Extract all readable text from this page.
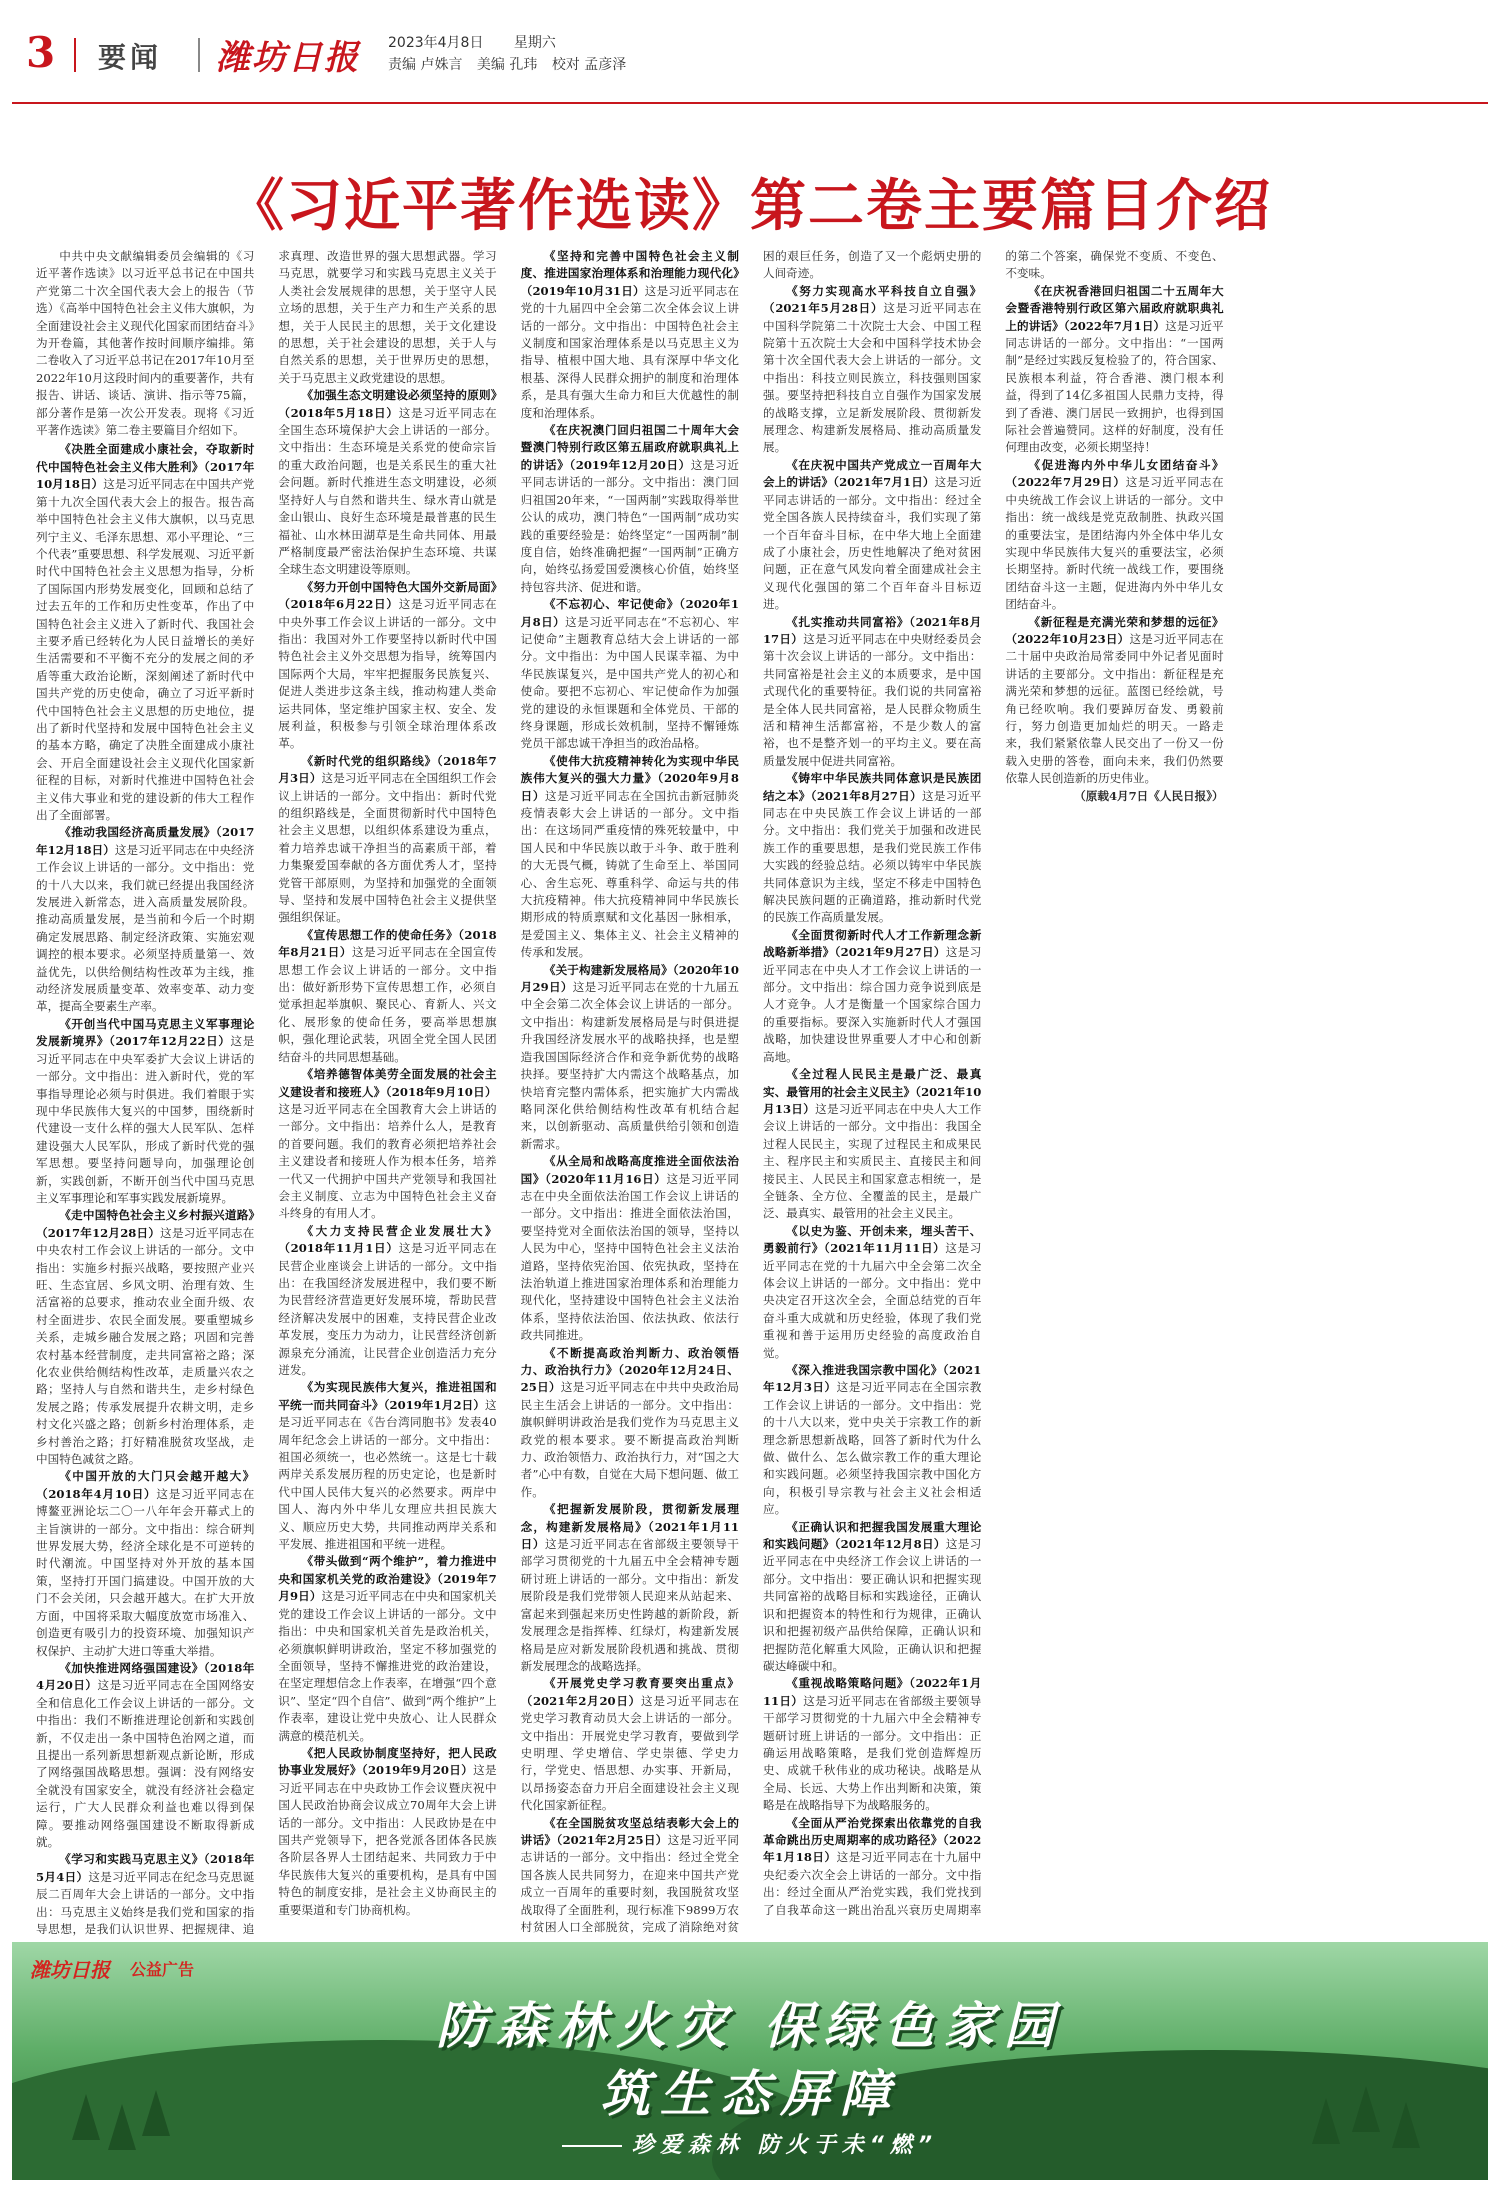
3 要闻 潍坊日报 2023年4月8日 星期六
责编 卢姝言 美编 孔玮 校对 孟彦泽
《习近平著作选读》第二卷主要篇目介绍

中共中央文献编辑委员会编辑的《习近平著作选读》以习近平总书记在中国共产党第二十次全国代表大会上的报告（节选）《高举中国特色社会主义伟大旗帜，为全面建设社会主义现代化国家而团结奋斗》为开卷篇，其他著作按时间顺序编排。第二卷收入了习近平总书记在2017年10月至2022年10月这段时间内的重要著作，共有报告、讲话、谈话、演讲、指示等75篇，部分著作是第一次公开发表。现将《习近平著作选读》第二卷主要篇目介绍如下。

《决胜全面建成小康社会，夺取新时代中国特色社会主义伟大胜利》（2017年10月18日）这是习近平同志在中国共产党第十九次全国代表大会上的报告。报告高举中国特色社会主义伟大旗帜，以马克思列宁主义、毛泽东思想、邓小平理论、“三个代表”重要思想、科学发展观、习近平新时代中国特色社会主义思想为指导，分析了国际国内形势发展变化，回顾和总结了过去五年的工作和历史性变革，作出了中国特色社会主义进入了新时代、我国社会主要矛盾已经转化为人民日益增长的美好生活需要和不平衡不充分的发展之间的矛盾等重大政治论断，深刻阐述了新时代中国共产党的历史使命，确立了习近平新时代中国特色社会主义思想的历史地位，提出了新时代坚持和发展中国特色社会主义的基本方略，确定了决胜全面建成小康社会、开启全面建设社会主义现代化国家新征程的目标，对新时代推进中国特色社会主义伟大事业和党的建设新的伟大工程作出了全面部署。

《推动我国经济高质量发展》（2017年12月18日）这是习近平同志在中央经济工作会议上讲话的一部分。文中指出：党的十八大以来，我们就已经提出我国经济发展进入新常态，进入高质量发展阶段。推动高质量发展，是当前和今后一个时期确定发展思路、制定经济政策、实施宏观调控的根本要求。必须坚持质量第一、效益优先，以供给侧结构性改革为主线，推动经济发展质量变革、效率变革、动力变革，提高全要素生产率。

《开创当代中国马克思主义军事理论发展新境界》（2017年12月22日）这是习近平同志在中央军委扩大会议上讲话的一部分。文中指出：进入新时代，党的军事指导理论必须与时俱进。我们着眼于实现中华民族伟大复兴的中国梦，围绕新时代建设一支什么样的强大人民军队、怎样建设强大人民军队，形成了新时代党的强军思想。要坚持问题导向，加强理论创新，实践创新，不断开创当代中国马克思主义军事理论和军事实践发展新境界。

《走中国特色社会主义乡村振兴道路》（2017年12月28日）这是习近平同志在中央农村工作会议上讲话的一部分。文中指出：实施乡村振兴战略，要按照产业兴旺、生态宜居、乡风文明、治理有效、生活富裕的总要求，推动农业全面升级、农村全面进步、农民全面发展。要重塑城乡关系，走城乡融合发展之路；巩固和完善农村基本经营制度，走共同富裕之路；深化农业供给侧结构性改革，走质量兴农之路；坚持人与自然和谐共生，走乡村绿色发展之路；传承发展提升农耕文明，走乡村文化兴盛之路；创新乡村治理体系，走乡村善治之路；打好精准脱贫攻坚战，走中国特色减贫之路。

《中国开放的大门只会越开越大》（2018年4月10日）这是习近平同志在博鳌亚洲论坛二〇一八年年会开幕式上的主旨演讲的一部分。文中指出：综合研判世界发展大势，经济全球化是不可逆转的时代潮流。中国坚持对外开放的基本国策，坚持打开国门搞建设。中国开放的大门不会关闭，只会越开越大。在扩大开放方面，中国将采取大幅度放宽市场准入、创造更有吸引力的投资环境、加强知识产权保护、主动扩大进口等重大举措。

《加快推进网络强国建设》（2018年4月20日）这是习近平同志在全国网络安全和信息化工作会议上讲话的一部分。文中指出：我们不断推进理论创新和实践创新，不仅走出一条中国特色治网之道，而且提出一系列新思想新观点新论断，形成了网络强国战略思想。强调：没有网络安全就没有国家安全，就没有经济社会稳定运行，广大人民群众利益也难以得到保障。要推动网络强国建设不断取得新成就。

《学习和实践马克思主义》（2018年5月4日）这是习近平同志在纪念马克思诞辰二百周年大会上讲话的一部分。文中指出：马克思主义始终是我们党和国家的指导思想，是我们认识世界、把握规律、追求真理、改造世界的强大思想武器。学习马克思，就要学习和实践马克思主义关于人类社会发展规律的思想，关于坚守人民立场的思想，关于生产力和生产关系的思想，关于人民民主的思想，关于文化建设的思想，关于社会建设的思想，关于人与自然关系的思想，关于世界历史的思想，关于马克思主义政党建设的思想。

《加强生态文明建设必须坚持的原则》（2018年5月18日）这是习近平同志在全国生态环境保护大会上讲话的一部分。文中指出：生态环境是关系党的使命宗旨的重大政治问题，也是关系民生的重大社会问题。新时代推进生态文明建设，必须坚持好人与自然和谐共生、绿水青山就是金山银山、良好生态环境是最普惠的民生福祉、山水林田湖草是生命共同体、用最严格制度最严密法治保护生态环境、共谋全球生态文明建设等原则。

《努力开创中国特色大国外交新局面》（2018年6月22日）这是习近平同志在中央外事工作会议上讲话的一部分。文中指出：我国对外工作要坚持以新时代中国特色社会主义外交思想为指导，统筹国内国际两个大局，牢牢把握服务民族复兴、促进人类进步这条主线，推动构建人类命运共同体，坚定维护国家主权、安全、发展利益，积极参与引领全球治理体系改革。

《新时代党的组织路线》（2018年7月3日）这是习近平同志在全国组织工作会议上讲话的一部分。文中指出：新时代党的组织路线是，全面贯彻新时代中国特色社会主义思想，以组织体系建设为重点，着力培养忠诚干净担当的高素质干部，着力集聚爱国奉献的各方面优秀人才，坚持党管干部原则，为坚持和加强党的全面领导、坚持和发展中国特色社会主义提供坚强组织保证。

《宣传思想工作的使命任务》（2018年8月21日）这是习近平同志在全国宣传思想工作会议上讲话的一部分。文中指出：做好新形势下宣传思想工作，必须自觉承担起举旗帜、聚民心、育新人、兴文化、展形象的使命任务，要高举思想旗帜，强化理论武装，巩固全党全国人民团结奋斗的共同思想基础。

《培养德智体美劳全面发展的社会主义建设者和接班人》（2018年9月10日）这是习近平同志在全国教育大会上讲话的一部分。文中指出：培养什么人，是教育的首要问题。我们的教育必须把培养社会主义建设者和接班人作为根本任务，培养一代又一代拥护中国共产党领导和我国社会主义制度、立志为中国特色社会主义奋斗终身的有用人才。

《大力支持民营企业发展壮大》（2018年11月1日）这是习近平同志在民营企业座谈会上讲话的一部分。文中指出：在我国经济发展进程中，我们要不断为民营经济营造更好发展环境，帮助民营经济解决发展中的困难，支持民营企业改革发展，变压力为动力，让民营经济创新源泉充分涌流，让民营企业创造活力充分迸发。

《为实现民族伟大复兴，推进祖国和平统一而共同奋斗》（2019年1月2日）这是习近平同志在《告台湾同胞书》发表40周年纪念会上讲话的一部分。文中指出：祖国必须统一，也必然统一。这是七十载两岸关系发展历程的历史定论，也是新时代中国人民伟大复兴的必然要求。两岸中国人、海内外中华儿女理应共担民族大义、顺应历史大势，共同推动两岸关系和平发展、推进祖国和平统一进程。

《带头做到“两个维护”，着力推进中央和国家机关党的政治建设》（2019年7月9日）这是习近平同志在中央和国家机关党的建设工作会议上讲话的一部分。文中指出：中央和国家机关首先是政治机关，必须旗帜鲜明讲政治，坚定不移加强党的全面领导，坚持不懈推进党的政治建设，在坚定理想信念上作表率，在增强“四个意识”、坚定“四个自信”、做到“两个维护”上作表率，建设让党中央放心、让人民群众满意的模范机关。

《把人民政协制度坚持好，把人民政协事业发展好》（2019年9月20日）这是习近平同志在中央政协工作会议暨庆祝中国人民政治协商会议成立70周年大会上讲话的一部分。文中指出：人民政协是在中国共产党领导下，把各党派各团体各民族各阶层各界人士团结起来、共同致力于中华民族伟大复兴的重要机构，是具有中国特色的制度安排，是社会主义协商民主的重要渠道和专门协商机构。

《坚持和完善中国特色社会主义制度、推进国家治理体系和治理能力现代化》（2019年10月31日）这是习近平同志在党的十九届四中全会第二次全体会议上讲话的一部分。文中指出：中国特色社会主义制度和国家治理体系是以马克思主义为指导、植根中国大地、具有深厚中华文化根基、深得人民群众拥护的制度和治理体系，是具有强大生命力和巨大优越性的制度和治理体系。

《在庆祝澳门回归祖国二十周年大会暨澳门特别行政区第五届政府就职典礼上的讲话》（2019年12月20日）这是习近平同志讲话的一部分。文中指出：澳门回归祖国20年来，“一国两制”实践取得举世公认的成功，澳门特色“一国两制”成功实践的重要经验是：始终坚定“一国两制”制度自信，始终准确把握“一国两制”正确方向，始终弘扬爱国爱澳核心价值，始终坚持包容共济、促进和谐。

《不忘初心、牢记使命》（2020年1月8日）这是习近平同志在“不忘初心、牢记使命”主题教育总结大会上讲话的一部分。文中指出：为中国人民谋幸福、为中华民族谋复兴，是中国共产党人的初心和使命。要把不忘初心、牢记使命作为加强党的建设的永恒课题和全体党员、干部的终身课题，形成长效机制，坚持不懈锤炼党员干部忠诚干净担当的政治品格。

《使伟大抗疫精神转化为实现中华民族伟大复兴的强大力量》（2020年9月8日）这是习近平同志在全国抗击新冠肺炎疫情表彰大会上讲话的一部分。文中指出：在这场同严重疫情的殊死较量中，中国人民和中华民族以敢于斗争、敢于胜利的大无畏气概，铸就了生命至上、举国同心、舍生忘死、尊重科学、命运与共的伟大抗疫精神。伟大抗疫精神同中华民族长期形成的特质禀赋和文化基因一脉相承，是爱国主义、集体主义、社会主义精神的传承和发展。

《关于构建新发展格局》（2020年10月29日）这是习近平同志在党的十九届五中全会第二次全体会议上讲话的一部分。文中指出：构建新发展格局是与时俱进提升我国经济发展水平的战略抉择，也是塑造我国国际经济合作和竞争新优势的战略抉择。要坚持扩大内需这个战略基点，加快培育完整内需体系，把实施扩大内需战略同深化供给侧结构性改革有机结合起来，以创新驱动、高质量供给引领和创造新需求。

《从全局和战略高度推进全面依法治国》（2020年11月16日）这是习近平同志在中央全面依法治国工作会议上讲话的一部分。文中指出：推进全面依法治国，要坚持党对全面依法治国的领导，坚持以人民为中心，坚持中国特色社会主义法治道路，坚持依宪治国、依宪执政，坚持在法治轨道上推进国家治理体系和治理能力现代化，坚持建设中国特色社会主义法治体系，坚持依法治国、依法执政、依法行政共同推进。

《不断提高政治判断力、政治领悟力、政治执行力》（2020年12月24日、25日）这是习近平同志在中共中央政治局民主生活会上讲话的一部分。文中指出：旗帜鲜明讲政治是我们党作为马克思主义政党的根本要求。要不断提高政治判断力、政治领悟力、政治执行力，对“国之大者”心中有数，自觉在大局下想问题、做工作。

《把握新发展阶段，贯彻新发展理念，构建新发展格局》（2021年1月11日）这是习近平同志在省部级主要领导干部学习贯彻党的十九届五中全会精神专题研讨班上讲话的一部分。文中指出：新发展阶段是我们党带领人民迎来从站起来、富起来到强起来历史性跨越的新阶段，新发展理念是指挥棒、红绿灯，构建新发展格局是应对新发展阶段机遇和挑战、贯彻新发展理念的战略选择。

《开展党史学习教育要突出重点》（2021年2月20日）这是习近平同志在党史学习教育动员大会上讲话的一部分。文中指出：开展党史学习教育，要做到学史明理、学史增信、学史崇德、学史力行，学党史、悟思想、办实事、开新局，以昂扬姿态奋力开启全面建设社会主义现代化国家新征程。

《在全国脱贫攻坚总结表彰大会上的讲话》（2021年2月25日）这是习近平同志讲话的一部分。文中指出：经过全党全国各族人民共同努力，在迎来中国共产党成立一百周年的重要时刻，我国脱贫攻坚战取得了全面胜利，现行标准下9899万农村贫困人口全部脱贫，完成了消除绝对贫困的艰巨任务，创造了又一个彪炳史册的人间奇迹。

《努力实现高水平科技自立自强》（2021年5月28日）这是习近平同志在中国科学院第二十次院士大会、中国工程院第十五次院士大会和中国科学技术协会第十次全国代表大会上讲话的一部分。文中指出：科技立则民族立，科技强则国家强。要坚持把科技自立自强作为国家发展的战略支撑，立足新发展阶段、贯彻新发展理念、构建新发展格局、推动高质量发展。

《在庆祝中国共产党成立一百周年大会上的讲话》（2021年7月1日）这是习近平同志讲话的一部分。文中指出：经过全党全国各族人民持续奋斗，我们实现了第一个百年奋斗目标，在中华大地上全面建成了小康社会，历史性地解决了绝对贫困问题，正在意气风发向着全面建成社会主义现代化强国的第二个百年奋斗目标迈进。

《扎实推动共同富裕》（2021年8月17日）这是习近平同志在中央财经委员会第十次会议上讲话的一部分。文中指出：共同富裕是社会主义的本质要求，是中国式现代化的重要特征。我们说的共同富裕是全体人民共同富裕，是人民群众物质生活和精神生活都富裕，不是少数人的富裕，也不是整齐划一的平均主义。要在高质量发展中促进共同富裕。

《铸牢中华民族共同体意识是民族团结之本》（2021年8月27日）这是习近平同志在中央民族工作会议上讲话的一部分。文中指出：我们党关于加强和改进民族工作的重要思想，是我们党民族工作伟大实践的经验总结。必须以铸牢中华民族共同体意识为主线，坚定不移走中国特色解决民族问题的正确道路，推动新时代党的民族工作高质量发展。

《全面贯彻新时代人才工作新理念新战略新举措》（2021年9月27日）这是习近平同志在中央人才工作会议上讲话的一部分。文中指出：综合国力竞争说到底是人才竞争。人才是衡量一个国家综合国力的重要指标。要深入实施新时代人才强国战略，加快建设世界重要人才中心和创新高地。

《全过程人民民主是最广泛、最真实、最管用的社会主义民主》（2021年10月13日）这是习近平同志在中央人大工作会议上讲话的一部分。文中指出：我国全过程人民民主，实现了过程民主和成果民主、程序民主和实质民主、直接民主和间接民主、人民民主和国家意志相统一，是全链条、全方位、全覆盖的民主，是最广泛、最真实、最管用的社会主义民主。

《以史为鉴、开创未来，埋头苦干、勇毅前行》（2021年11月11日）这是习近平同志在党的十九届六中全会第二次全体会议上讲话的一部分。文中指出：党中央决定召开这次全会，全面总结党的百年奋斗重大成就和历史经验，体现了我们党重视和善于运用历史经验的高度政治自觉。

《深入推进我国宗教中国化》（2021年12月3日）这是习近平同志在全国宗教工作会议上讲话的一部分。文中指出：党的十八大以来，党中央关于宗教工作的新理念新思想新战略，回答了新时代为什么做、做什么、怎么做宗教工作的重大理论和实践问题。必须坚持我国宗教中国化方向，积极引导宗教与社会主义社会相适应。

《正确认识和把握我国发展重大理论和实践问题》（2021年12月8日）这是习近平同志在中央经济工作会议上讲话的一部分。文中指出：要正确认识和把握实现共同富裕的战略目标和实践途径，正确认识和把握资本的特性和行为规律，正确认识和把握初级产品供给保障，正确认识和把握防范化解重大风险，正确认识和把握碳达峰碳中和。

《重视战略策略问题》（2022年1月11日）这是习近平同志在省部级主要领导干部学习贯彻党的十九届六中全会精神专题研讨班上讲话的一部分。文中指出：正确运用战略策略，是我们党创造辉煌历史、成就千秋伟业的成功秘诀。战略是从全局、长远、大势上作出判断和决策，策略是在战略指导下为战略服务的。

《全面从严治党探索出依靠党的自我革命跳出历史周期率的成功路径》（2022年1月18日）这是习近平同志在十九届中央纪委六次全会上讲话的一部分。文中指出：经过全面从严治党实践，我们党找到了自我革命这一跳出治乱兴衰历史周期率的第二个答案，确保党不变质、不变色、不变味。

《在庆祝香港回归祖国二十五周年大会暨香港特别行政区第六届政府就职典礼上的讲话》（2022年7月1日）这是习近平同志讲话的一部分。文中指出：“一国两制”是经过实践反复检验了的，符合国家、民族根本利益，符合香港、澳门根本利益，得到了14亿多祖国人民鼎力支持，得到了香港、澳门居民一致拥护，也得到国际社会普遍赞同。这样的好制度，没有任何理由改变，必须长期坚持！

《促进海内外中华儿女团结奋斗》（2022年7月29日）这是习近平同志在中央统战工作会议上讲话的一部分。文中指出：统一战线是党克敌制胜、执政兴国的重要法宝，是团结海内外全体中华儿女实现中华民族伟大复兴的重要法宝，必须长期坚持。新时代统一战线工作，要围绕团结奋斗这一主题，促进海内外中华儿女团结奋斗。

《新征程是充满光荣和梦想的远征》（2022年10月23日）这是习近平同志在二十届中央政治局常委同中外记者见面时讲话的主要部分。文中指出：新征程是充满光荣和梦想的远征。蓝图已经绘就，号角已经吹响。我们要踔厉奋发、勇毅前行，努力创造更加灿烂的明天。一路走来，我们紧紧依靠人民交出了一份又一份载入史册的答卷，面向未来，我们仍然要依靠人民创造新的历史伟业。

（原载4月7日《人民日报》）

潍坊日报 公益广告
防森林火灾 保绿色家园
筑生态屏障
珍爱森林 防火于未“燃”
